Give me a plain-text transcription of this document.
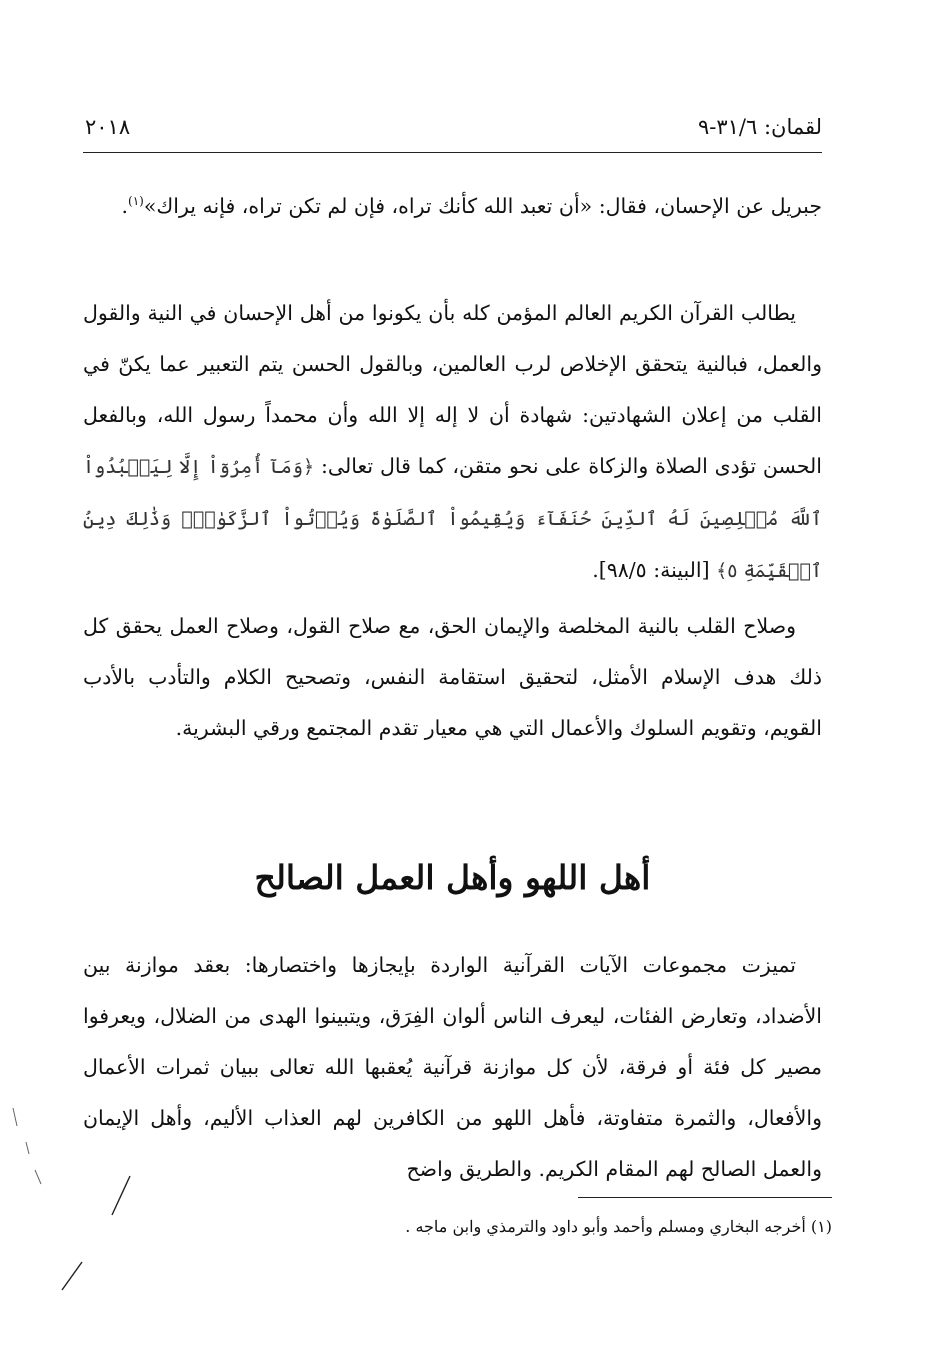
لقمان: ٣١/٦-٩
٢٠١٨
جبريل عن الإحسان، فقال: «أن تعبد الله كأنك تراه، فإن لم تكن تراه، فإنه يراك»$^{(١)}$.
يطالب القرآن الكريم العالم المؤمن كله بأن يكونوا من أهل الإحسان في النية والقول والعمل، فبالنية يتحقق الإخلاص لرب العالمين، وبالقول الحسن يتم التعبير عما يكنّ في القلب من إعلان الشهادتين: شهادة أن لا إله إلا الله وأن محمداً رسول الله، وبالفعل الحسن تؤدى الصلاة والزكاة على نحو متقن، كما قال تعالى: ﴿وَمَآ أُمِرُوٓاْ إِلَّا لِيَعۡبُدُواْ ٱللَّهَ مُخۡلِصِينَ لَهُ ٱلدِّينَ حُنَفَآءَ وَيُقِيمُواْ ٱلصَّلَوٰةَ وَيُؤۡتُواْ ٱلزَّكَوٰةَۚ وَذَٰلِكَ دِينُ ٱلۡقَيِّمَةِ ٥﴾ [البينة: ٩٨/٥].
وصلاح القلب بالنية المخلصة والإيمان الحق، مع صلاح القول، وصلاح العمل يحقق كل ذلك هدف الإسلام الأمثل، لتحقيق استقامة النفس، وتصحيح الكلام والتأدب بالأدب القويم، وتقويم السلوك والأعمال التي هي معيار تقدم المجتمع ورقي البشرية.
أهل اللهو وأهل العمل الصالح
تميزت مجموعات الآيات القرآنية الواردة بإيجازها واختصارها: بعقد موازنة بين الأضداد، وتعارض الفئات، ليعرف الناس ألوان الفِرَق، ويتبينوا الهدى من الضلال، ويعرفوا مصير كل فئة أو فرقة، لأن كل موازنة قرآنية يُعقبها الله تعالى ببيان ثمرات الأعمال والأفعال، والثمرة متفاوتة، فأهل اللهو من الكافرين لهم العذاب الأليم، وأهل الإيمان والعمل الصالح لهم المقام الكريم. والطريق واضح
(١) أخرجه البخاري ومسلم وأحمد وأبو داود والترمذي وابن ماجه .
